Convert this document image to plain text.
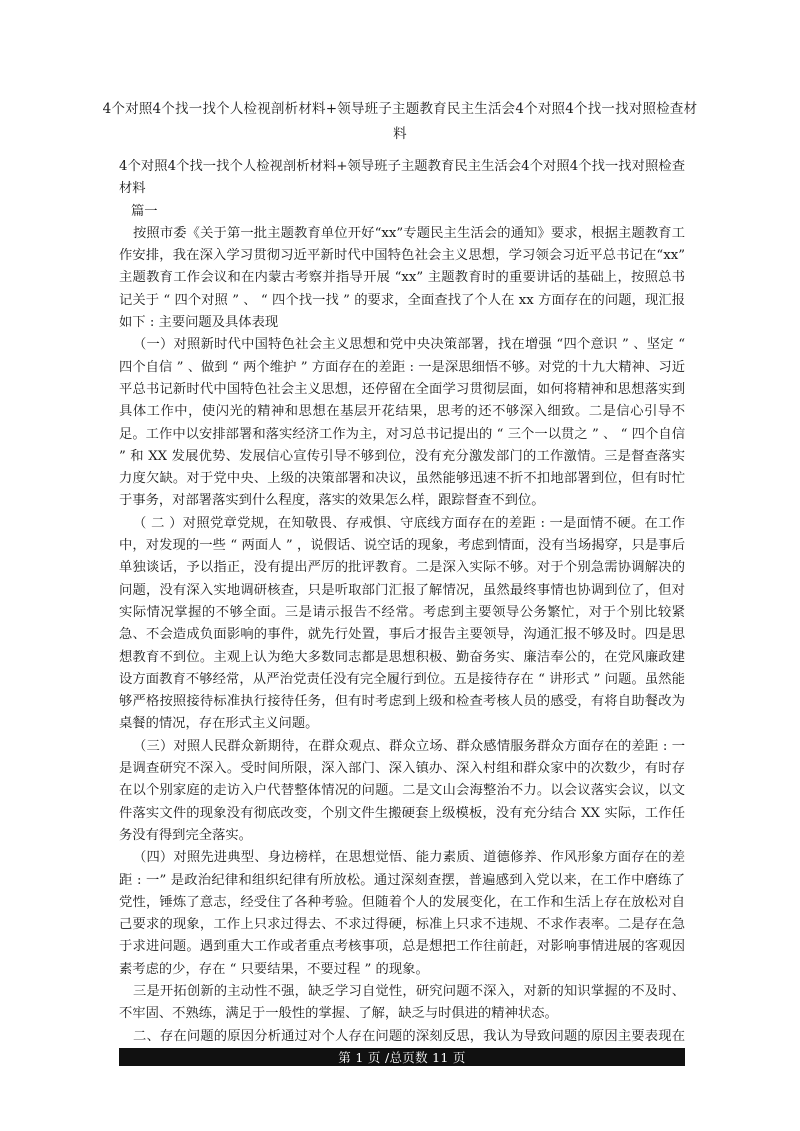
4个对照4个找一找个人检视剖析材料+领导班子主题教育民主生活会4个对照4个找一找对照检查材料

4个对照4个找一找个人检视剖析材料+领导班子主题教育民主生活会4个对照4个找一找对照检查材料

篇一

按照市委《关于第一批主题教育单位开好“xx”专题民主生活会的通知》要求，根据主题教育工作安排，我在深入学习贯彻习近平新时代中国特色社会主义思想，学习领会习近平总书记在“xx” 主题教育工作会议和在内蒙古考察并指导开展 “xx” 主题教育时的重要讲话的基础上，按照总书记关于 “ 四个对照 ” 、 “ 四个找一找 ” 的要求，全面查找了个人在 xx 方面存在的问题，现汇报如下 : 主要问题及具体表现

（一）对照新时代中国特色社会主义思想和党中央决策部署，找在增强 “四个意识 ” 、坚定 “ 四个自信 ” 、做到 “ 两个维护 ” 方面存在的差距 : 一是深思细悟不够。对党的十九大精神、习近平总书记新时代中国特色社会主义思想，还停留在全面学习贯彻层面，如何将精神和思想落实到具体工作中，使闪光的精神和思想在基层开花结果，思考的还不够深入细致。二是信心引导不足。工作中以安排部署和落实经济工作为主，对习总书记提出的 “ 三个一以贯之 ” 、 “ 四个自信 ” 和 XX 发展优势、发展信心宣传引导不够到位，没有充分激发部门的工作激情。三是督查落实力度欠缺。对于党中央、上级的决策部署和决议，虽然能够迅速不折不扣地部署到位，但有时忙于事务，对部署落实到什么程度，落实的效果怎么样，跟踪督查不到位。

（ 二 ）对照党章党规，在知敬畏、存戒惧、守底线方面存在的差距 : 一是面情不硬。在工作中，对发现的一些 “ 两面人 ” ，说假话、说空话的现象，考虑到情面，没有当场揭穿，只是事后单独谈话，予以指正，没有提出严厉的批评教育。二是深入实际不够。对于个别急需协调解决的问题，没有深入实地调研核查，只是听取部门汇报了解情况，虽然最终事情也协调到位了，但对实际情况掌握的不够全面。三是请示报告不经常。考虑到主要领导公务繁忙，对于个别比较紧急、不会造成负面影响的事件，就先行处置，事后才报告主要领导，沟通汇报不够及时。四是思想教育不到位。主观上认为绝大多数同志都是思想积极、勤奋务实、廉洁奉公的，在党风廉政建设方面教育不够经常，从严治党责任没有完全履行到位。五是接待存在 “ 讲形式 ” 问题。虽然能够严格按照接待标准执行接待任务，但有时考虑到上级和检查考核人员的感受，有将自助餐改为桌餐的情况，存在形式主义问题。

（三）对照人民群众新期待，在群众观点、群众立场、群众感情服务群众方面存在的差距 : 一是调查研究不深入。受时间所限，深入部门、深入镇办、深入村组和群众家中的次数少，有时存在以个别家庭的走访入户代替整体情况的问题。二是文山会海整治不力。以会议落实会议，以文件落实文件的现象没有彻底改变，个别文件生搬硬套上级模板，没有充分结合 XX 实际，工作任务没有得到完全落实。

（四）对照先进典型、身边榜样，在思想觉悟、能力素质、道德修养、作风形象方面存在的差距 : 一” 是政治纪律和组织纪律有所放松。通过深刻查摆，普遍感到入党以来，在工作中磨练了党性，锤炼了意志，经受住了各种考验。但随着个人的发展变化，在工作和生活上存在放松对自己要求的现象，工作上只求过得去、不求过得硬，标准上只求不违规、不求作表率。二是存在急于求进问题。遇到重大工作或者重点考核事项，总是想把工作往前赶，对影响事情进展的客观因素考虑的少，存在 “ 只要结果，不要过程 ” 的现象。

三是开拓创新的主动性不强，缺乏学习自觉性，研究问题不深入，对新的知识掌握的不及时、不牢固、不熟练，满足于一般性的掌握、了解，缺乏与时俱进的精神状态。

二、存在问题的原因分析通过对个人存在问题的深刻反思，我认为导致问题的原因主要表现在

第 1 页 /总页数 11 页
